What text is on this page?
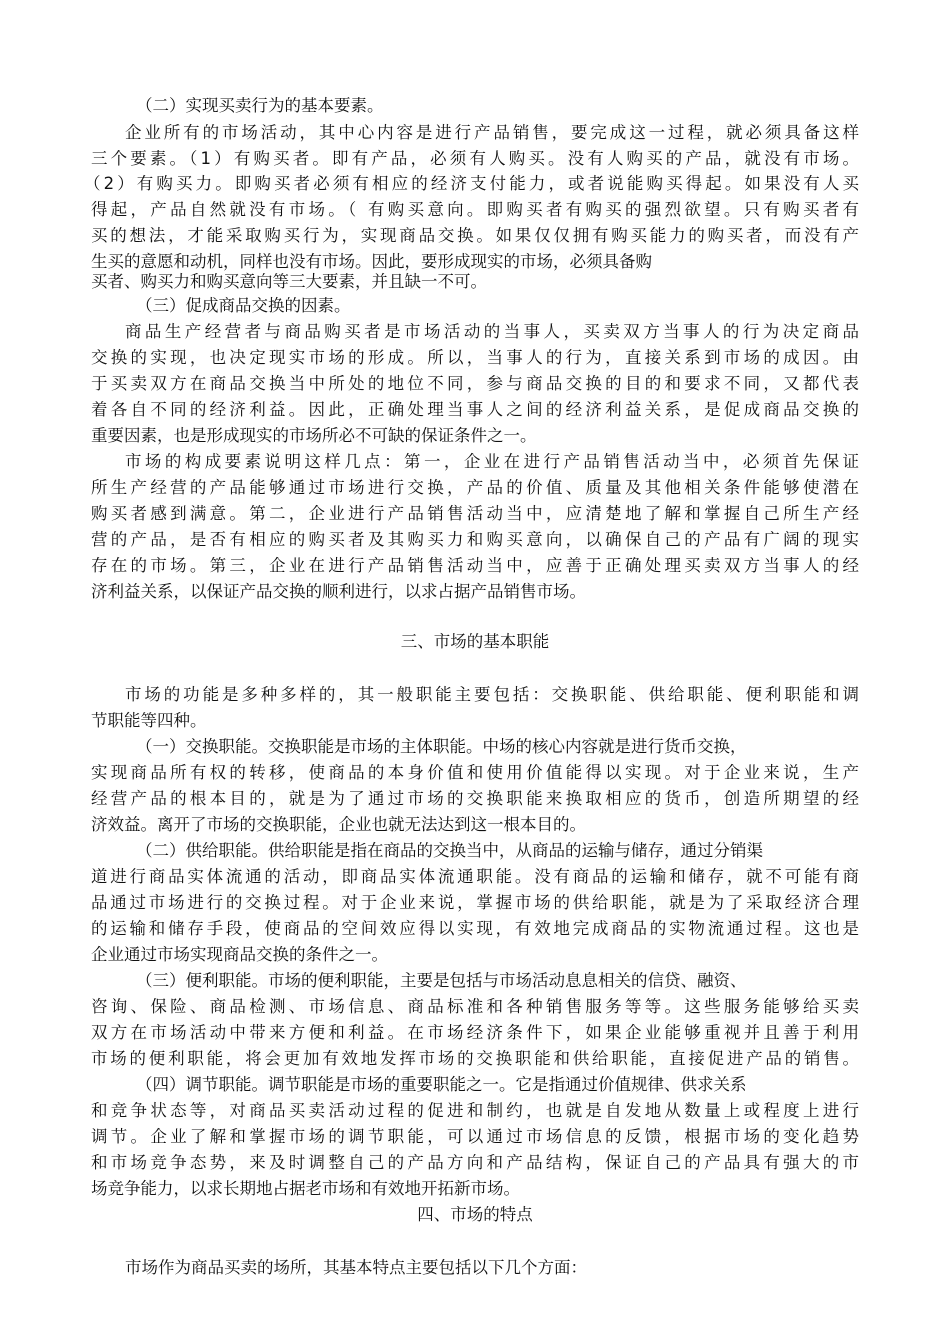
（二）实现买卖行为的基本要素。
企业所有的市场活动，其中心内容是进行产品销售，要完成这一过程，就必须具备这样
三个要素。（1）有购买者。即有产品，必须有人购买。没有人购买的产品，就没有市场。
（2）有购买力。即购买者必须有相应的经济支付能力，或者说能购买得起。如果没有人买
得起，产品自然就没有市场。（ 有购买意向。即购买者有购买的强烈欲望。只有购买者有
买的想法，才能采取购买行为，实现商品交换。如果仅仅拥有购买能力的购买者，而没有产
生买的意愿和动机，同样也没有市场。因此，要形成现实的市场，必须具备购
买者、购买力和购买意向等三大要素，并且缺一不可。
（三）促成商品交换的因素。
商品生产经营者与商品购买者是市场活动的当事人，买卖双方当事人的行为决定商品
交换的实现，也决定现实市场的形成。所以，当事人的行为，直接关系到市场的成因。由
于买卖双方在商品交换当中所处的地位不同，参与商品交换的目的和要求不同，又都代表
着各自不同的经济利益。因此，正确处理当事人之间的经济利益关系，是促成商品交换的
重要因素，也是形成现实的市场所必不可缺的保证条件之一。
市场的构成要素说明这样几点：第一，企业在进行产品销售活动当中，必须首先保证
所生产经营的产品能够通过市场进行交换，产品的价值、质量及其他相关条件能够使潜在
购买者感到满意。第二，企业进行产品销售活动当中，应清楚地了解和掌握自己所生产经
营的产品，是否有相应的购买者及其购买力和购买意向，以确保自己的产品有广阔的现实
存在的市场。第三，企业在进行产品销售活动当中，应善于正确处理买卖双方当事人的经
济利益关系，以保证产品交换的顺利进行，以求占据产品销售市场。
三、市场的基本职能
市场的功能是多种多样的，其一般职能主要包括：交换职能、供给职能、便利职能和调
节职能等四种。
（一）交换职能。交换职能是市场的主体职能。中场的核心内容就是进行货币交换，
实现商品所有权的转移，使商品的本身价值和使用价值能得以实现。对于企业来说，生产
经营产品的根本目的，就是为了通过市场的交换职能来换取相应的货币，创造所期望的经
济效益。离开了市场的交换职能，企业也就无法达到这一根本目的。
（二）供给职能。供给职能是指在商品的交换当中，从商品的运输与储存，通过分销渠
道进行商品实体流通的活动，即商品实体流通职能。没有商品的运输和储存，就不可能有商
品通过市场进行的交换过程。对于企业来说，掌握市场的供给职能，就是为了采取经济合理
的运输和储存手段，使商品的空间效应得以实现，有效地完成商品的实物流通过程。这也是
企业通过市场实现商品交换的条件之一。
（三）便利职能。市场的便利职能，主要是包括与市场活动息息相关的信贷、融资、
咨询、保险、商品检测、市场信息、商品标准和各种销售服务等等。这些服务能够给买卖
双方在市场活动中带来方便和利益。在市场经济条件下，如果企业能够重视并且善于利用
市场的便利职能，将会更加有效地发挥市场的交换职能和供给职能，直接促进产品的销售。
（四）调节职能。调节职能是市场的重要职能之一。它是指通过价值规律、供求关系
和竞争状态等，对商品买卖活动过程的促进和制约，也就是自发地从数量上或程度上进行
调节。企业了解和掌握市场的调节职能，可以通过市场信息的反馈，根据市场的变化趋势
和市场竞争态势，来及时调整自己的产品方向和产品结构，保证自己的产品具有强大的市
场竞争能力，以求长期地占据老市场和有效地开拓新市场。
四、市场的特点
市场作为商品买卖的场所，其基本特点主要包括以下几个方面：
